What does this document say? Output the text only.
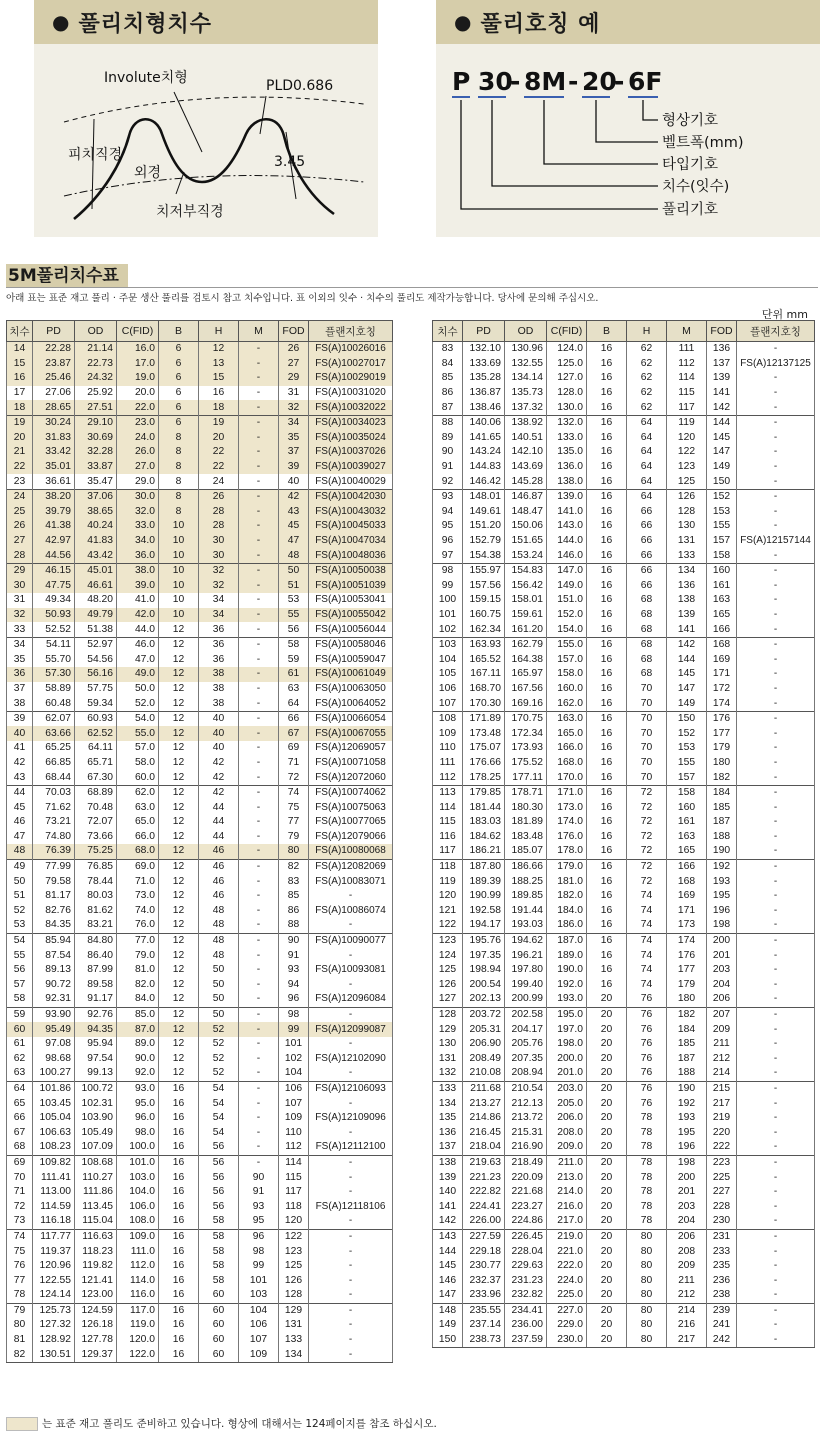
● 풀리치형치수
Involute치형	PLD0.686
피치직경
외경
3.45
치저부직경
● 풀리호칭 예
P 30
- 8M - 20
- 6F
형상기호
벨트폭(mm)
타입기호
치수(잇수)
풀리기호
5M풀리치수표
아래 표는 표준 재고 풀리 · 주문 생산 풀리를 검토시 참고 치수입니다. 표 이외의 잇수 · 치수의 풀리도 제작가능합니다. 당사에 문의해 주십시오.
단위 mm
치수	PD	OD	C(FID)	B	H	M	FOD	플랜지호칭
14	22.28	21.14	16.0	6	12	-	26	FS(A)10026016
15	23.87	22.73	17.0	6	13	-	27	FS(A)10027017
16	25.46	24.32	19.0	6	15	-	29	FS(A)10029019
17	27.06	25.92	20.0	6	16	-	31	FS(A)10031020
18	28.65	27.51	22.0	6	18	-	32	FS(A)10032022
19	30.24	29.10	23.0	6	19	-	34	FS(A)10034023
20	31.83	30.69	24.0	8	20	-	35	FS(A)10035024
21	33.42	32.28	26.0	8	22	-	37	FS(A)10037026
22	35.01	33.87	27.0	8	22	-	39	FS(A)10039027
23	36.61	35.47	29.0	8	24	-	40	FS(A)10040029
24	38.20	37.06	30.0	8	26	-	42	FS(A)10042030
25	39.79	38.65	32.0	8	28	-	43	FS(A)10043032
26	41.38	40.24	33.0	10	28	-	45	FS(A)10045033
27	42.97	41.83	34.0	10	30	-	47	FS(A)10047034
28	44.56	43.42	36.0	10	30	-	48	FS(A)10048036
29	46.15	45.01	38.0	10	32	-	50	FS(A)10050038
30	47.75	46.61	39.0	10	32	-	51	FS(A)10051039
31	49.34	48.20	41.0	10	34	-	53	FS(A)10053041
32	50.93	49.79	42.0	10	34	-	55	FS(A)10055042
33	52.52	51.38	44.0	12	36	-	56	FS(A)10056044
34	54.11	52.97	46.0	12	36	-	58	FS(A)10058046
35	55.70	54.56	47.0	12	36	-	59	FS(A)10059047
36	57.30	56.16	49.0	12	38	-	61	FS(A)10061049
37	58.89	57.75	50.0	12	38	-	63	FS(A)10063050
38	60.48	59.34	52.0	12	38	-	64	FS(A)10064052
39	62.07	60.93	54.0	12	40	-	66	FS(A)10066054
40	63.66	62.52	55.0	12	40	-	67	FS(A)10067055
41	65.25	64.11	57.0	12	40	-	69	FS(A)12069057
42	66.85	65.71	58.0	12	42	-	71	FS(A)10071058
43	68.44	67.30	60.0	12	42	-	72	FS(A)12072060
44	70.03	68.89	62.0	12	42	-	74	FS(A)10074062
45	71.62	70.48	63.0	12	44	-	75	FS(A)10075063
46	73.21	72.07	65.0	12	44	-	77	FS(A)10077065
47	74.80	73.66	66.0	12	44	-	79	FS(A)12079066
48	76.39	75.25	68.0	12	46	-	80	FS(A)10080068
49	77.99	76.85	69.0	12	46	-	82	FS(A)12082069
50	79.58	78.44	71.0	12	46	-	83	FS(A)10083071
51	81.17	80.03	73.0	12	46	-	85	-
52	82.76	81.62	74.0	12	48	-	86	FS(A)10086074
53	84.35	83.21	76.0	12	48	-	88	-
54	85.94	84.80	77.0	12	48	-	90	FS(A)10090077
55	87.54	86.40	79.0	12	48	-	91	-
56	89.13	87.99	81.0	12	50	-	93	FS(A)10093081
57	90.72	89.58	82.0	12	50	-	94	-
58	92.31	91.17	84.0	12	50	-	96	FS(A)12096084
59	93.90	92.76	85.0	12	50	-	98	-
60	95.49	94.35	87.0	12	52	-	99	FS(A)12099087
61	97.08	95.94	89.0	12	52	-	101	-
62	98.68	97.54	90.0	12	52	-	102	FS(A)12102090
63	100.27	99.13	92.0	12	52	-	104	-
64	101.86	100.72	93.0	16	54	-	106	FS(A)12106093
65	103.45	102.31	95.0	16	54	-	107	-
66	105.04	103.90	96.0	16	54	-	109	FS(A)12109096
67	106.63	105.49	98.0	16	54	-	110	-
68	108.23	107.09	100.0	16	56	-	112	FS(A)12112100
69	109.82	108.68	101.0	16	56	-	114	-
70	111.41	110.27	103.0	16	56	90	115	-
71	113.00	111.86	104.0	16	56	91	117	-
72	114.59	113.45	106.0	16	56	93	118	FS(A)12118106
73	116.18	115.04	108.0	16	58	95	120	-
74	117.77	116.63	109.0	16	58	96	122	-
75	119.37	118.23	111.0	16	58	98	123	-
76	120.96	119.82	112.0	16	58	99	125	-
77	122.55	121.41	114.0	16	58	101	126	-
78	124.14	123.00	116.0	16	60	103	128	-
79	125.73	124.59	117.0	16	60	104	129	-
80	127.32	126.18	119.0	16	60	106	131	-
81	128.92	127.78	120.0	16	60	107	133	-
82	130.51	129.37	122.0	16	60	109	134	-
치수	PD	OD	C(FID)	B	H	M	FOD	플랜지호칭
83	132.10	130.96	124.0	16	62	111	136	-
84	133.69	132.55	125.0	16	62	112	137	FS(A)12137125
85	135.28	134.14	127.0	16	62	114	139	-
86	136.87	135.73	128.0	16	62	115	141	-
87	138.46	137.32	130.0	16	62	117	142	-
88	140.06	138.92	132.0	16	64	119	144	-
89	141.65	140.51	133.0	16	64	120	145	-
90	143.24	142.10	135.0	16	64	122	147	-
91	144.83	143.69	136.0	16	64	123	149	-
92	146.42	145.28	138.0	16	64	125	150	-
93	148.01	146.87	139.0	16	64	126	152	-
94	149.61	148.47	141.0	16	66	128	153	-
95	151.20	150.06	143.0	16	66	130	155	-
96	152.79	151.65	144.0	16	66	131	157	FS(A)12157144
97	154.38	153.24	146.0	16	66	133	158	-
98	155.97	154.83	147.0	16	66	134	160	-
99	157.56	156.42	149.0	16	66	136	161	-
100	159.15	158.01	151.0	16	68	138	163	-
101	160.75	159.61	152.0	16	68	139	165	-
102	162.34	161.20	154.0	16	68	141	166	-
103	163.93	162.79	155.0	16	68	142	168	-
104	165.52	164.38	157.0	16	68	144	169	-
105	167.11	165.97	158.0	16	68	145	171	-
106	168.70	167.56	160.0	16	70	147	172	-
107	170.30	169.16	162.0	16	70	149	174	-
108	171.89	170.75	163.0	16	70	150	176	-
109	173.48	172.34	165.0	16	70	152	177	-
110	175.07	173.93	166.0	16	70	153	179	-
111	176.66	175.52	168.0	16	70	155	180	-
112	178.25	177.11	170.0	16	70	157	182	-
113	179.85	178.71	171.0	16	72	158	184	-
114	181.44	180.30	173.0	16	72	160	185	-
115	183.03	181.89	174.0	16	72	161	187	-
116	184.62	183.48	176.0	16	72	163	188	-
117	186.21	185.07	178.0	16	72	165	190	-
118	187.80	186.66	179.0	16	72	166	192	-
119	189.39	188.25	181.0	16	72	168	193	-
120	190.99	189.85	182.0	16	74	169	195	-
121	192.58	191.44	184.0	16	74	171	196	-
122	194.17	193.03	186.0	16	74	173	198	-
123	195.76	194.62	187.0	16	74	174	200	-
124	197.35	196.21	189.0	16	74	176	201	-
125	198.94	197.80	190.0	16	74	177	203	-
126	200.54	199.40	192.0	16	74	179	204	-
127	202.13	200.99	193.0	20	76	180	206	-
128	203.72	202.58	195.0	20	76	182	207	-
129	205.31	204.17	197.0	20	76	184	209	-
130	206.90	205.76	198.0	20	76	185	211	-
131	208.49	207.35	200.0	20	76	187	212	-
132	210.08	208.94	201.0	20	76	188	214	-
133	211.68	210.54	203.0	20	76	190	215	-
134	213.27	212.13	205.0	20	76	192	217	-
135	214.86	213.72	206.0	20	78	193	219	-
136	216.45	215.31	208.0	20	78	195	220	-
137	218.04	216.90	209.0	20	78	196	222	-
138	219.63	218.49	211.0	20	78	198	223	-
139	221.23	220.09	213.0	20	78	200	225	-
140	222.82	221.68	214.0	20	78	201	227	-
141	224.41	223.27	216.0	20	78	203	228	-
142	226.00	224.86	217.0	20	78	204	230	-
143	227.59	226.45	219.0	20	80	206	231	-
144	229.18	228.04	221.0	20	80	208	233	-
145	230.77	229.63	222.0	20	80	209	235	-
146	232.37	231.23	224.0	20	80	211	236	-
147	233.96	232.82	225.0	20	80	212	238	-
148	235.55	234.41	227.0	20	80	214	239	-
149	237.14	236.00	229.0	20	80	216	241	-
150	238.73	237.59	230.0	20	80	217	242	-
는 표준 재고 풀리도 준비하고 있습니다. 형상에 대해서는 124페이지를 참조 하십시오.
